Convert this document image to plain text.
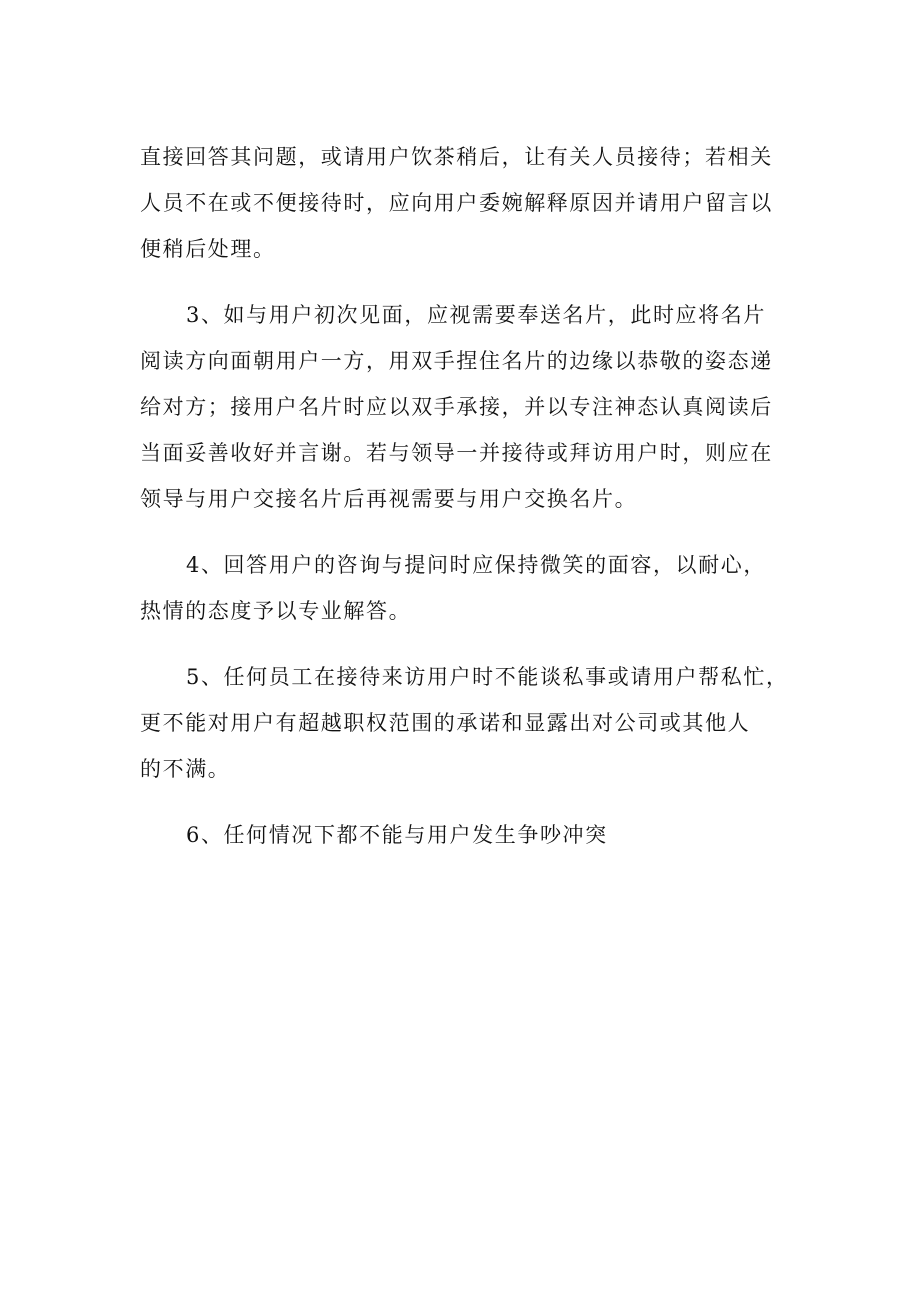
直接回答其问题，或请用户饮茶稍后，让有关人员接待；若相关
人员不在或不便接待时，应向用户委婉解释原因并请用户留言以
便稍后处理。
3、如与用户初次见面，应视需要奉送名片，此时应将名片
阅读方向面朝用户一方，用双手捏住名片的边缘以恭敬的姿态递
给对方；接用户名片时应以双手承接，并以专注神态认真阅读后
当面妥善收好并言谢。若与领导一并接待或拜访用户时，则应在
领导与用户交接名片后再视需要与用户交换名片。
4、回答用户的咨询与提问时应保持微笑的面容，以耐心，
热情的态度予以专业解答。
5、任何员工在接待来访用户时不能谈私事或请用户帮私忙，
更不能对用户有超越职权范围的承诺和显露出对公司或其他人
的不满。
6、任何情况下都不能与用户发生争吵冲突
